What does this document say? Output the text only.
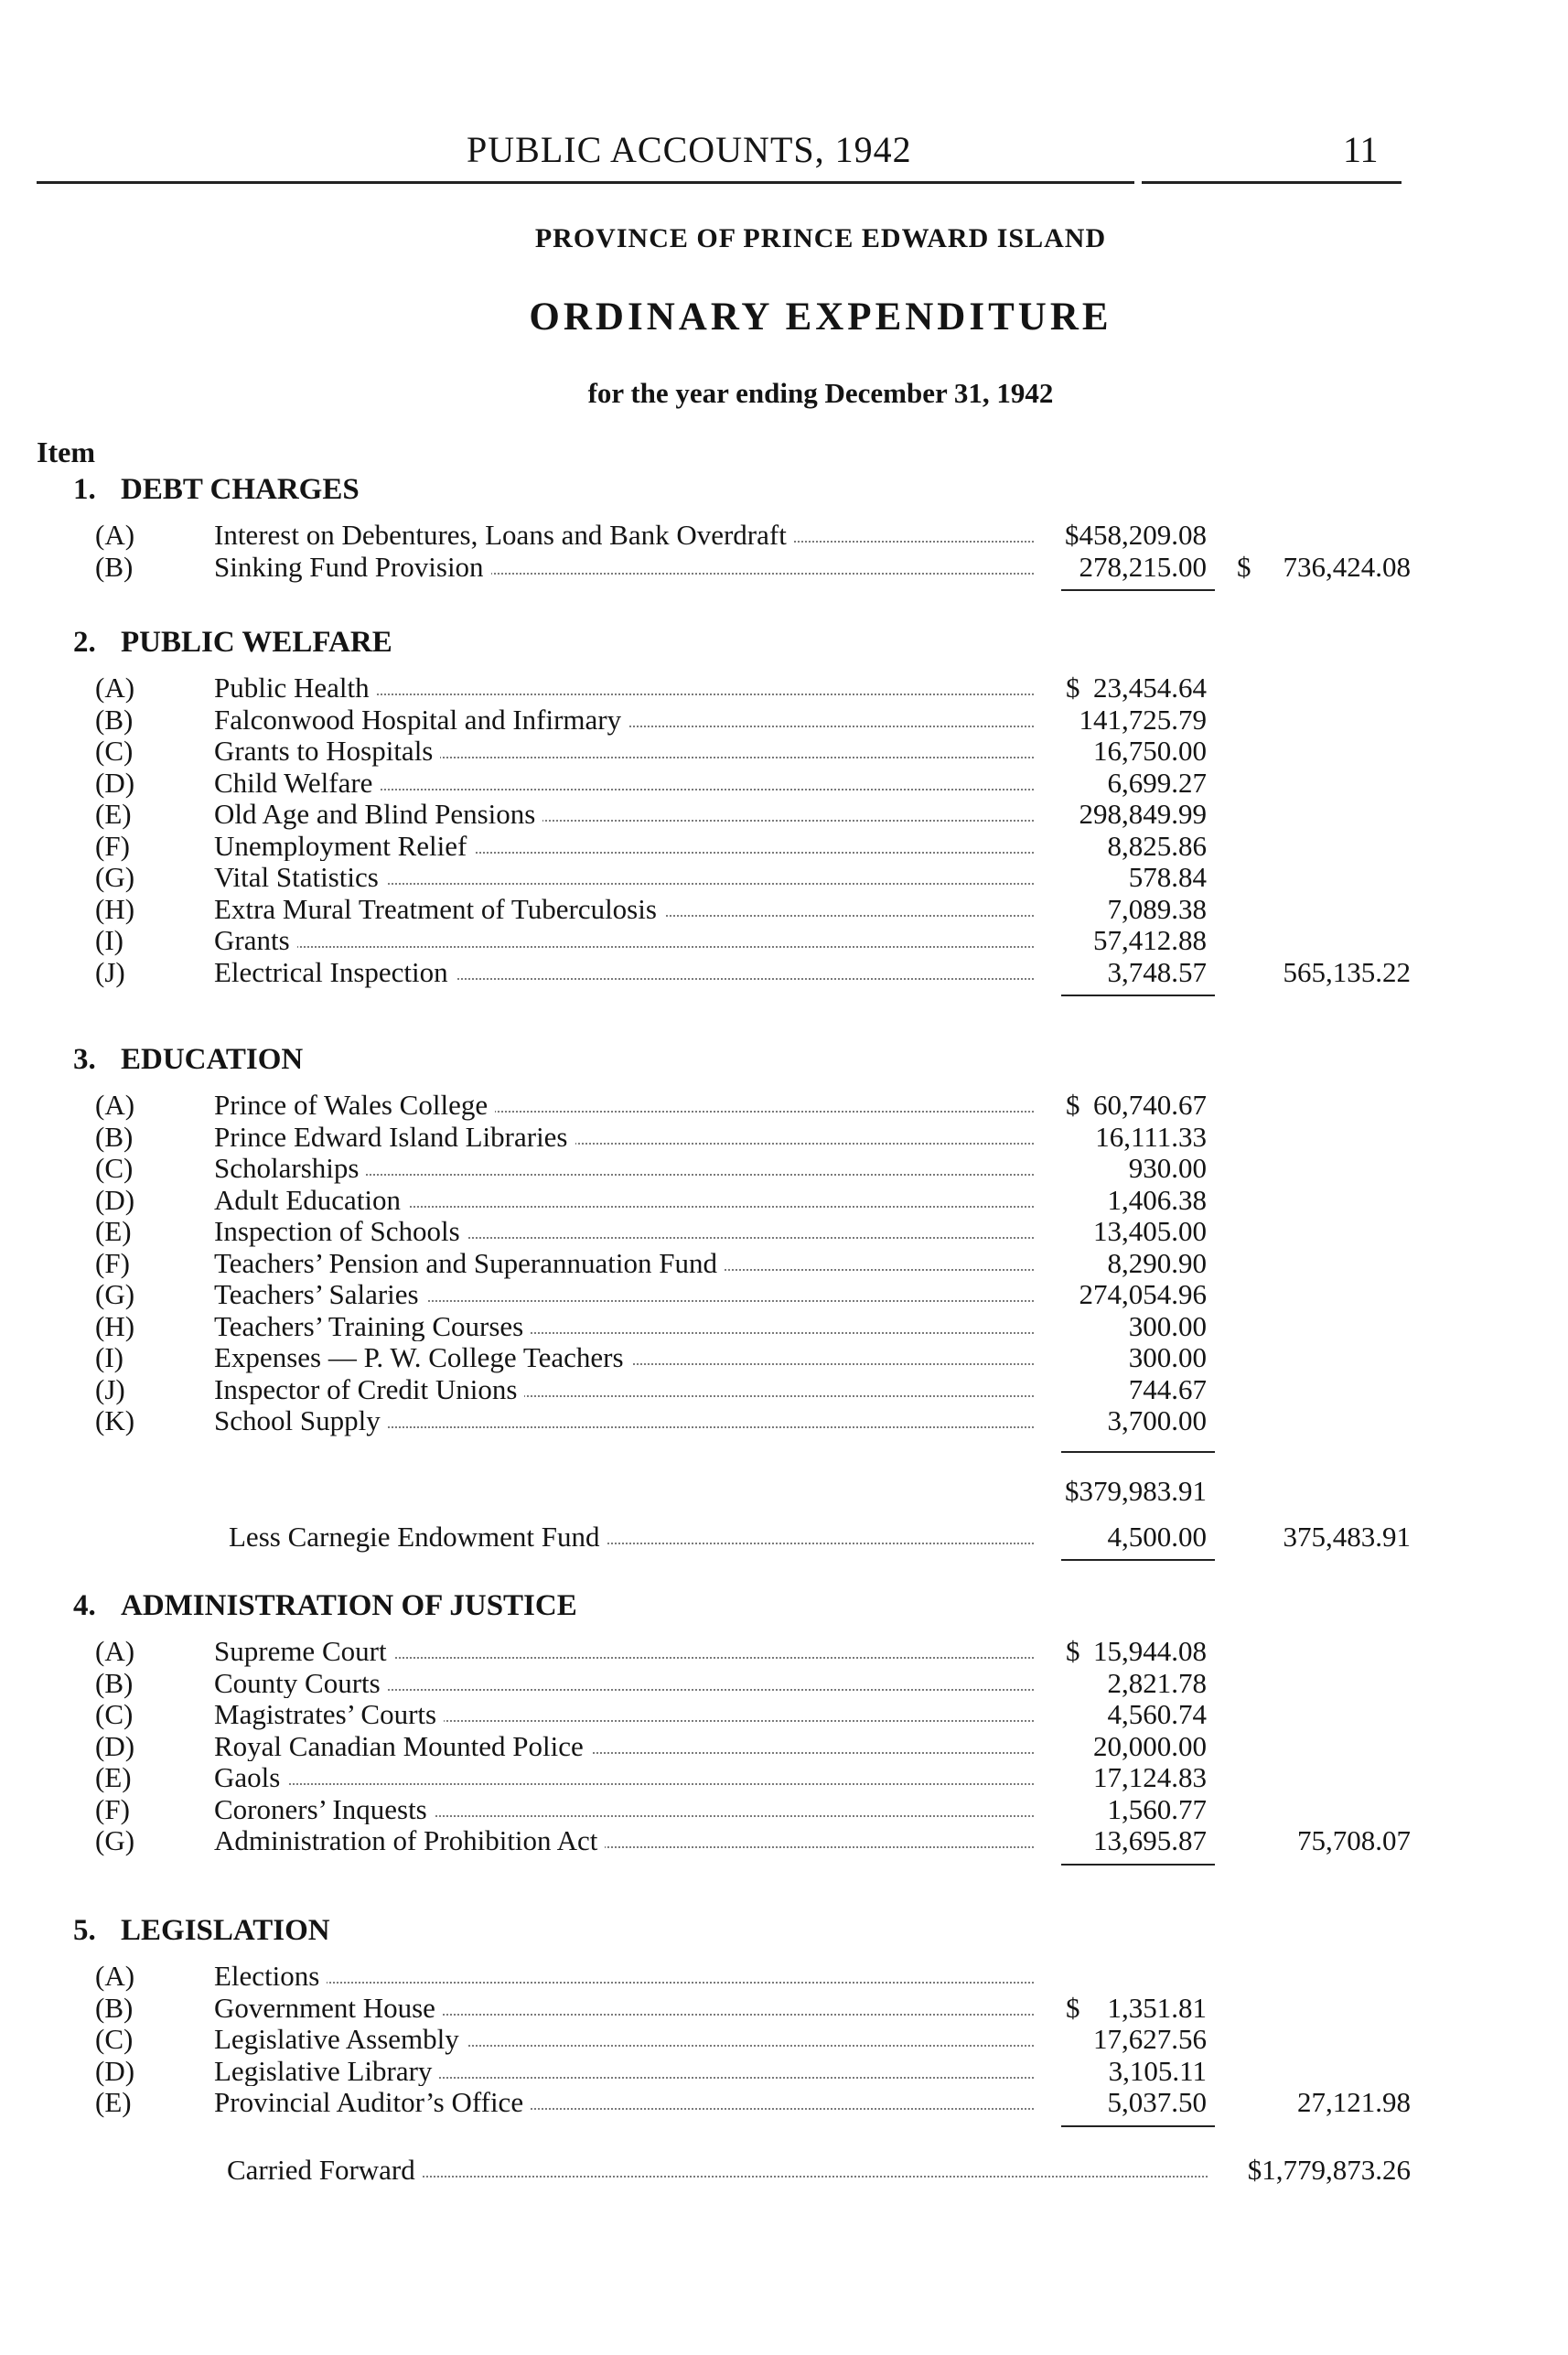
PUBLIC ACCOUNTS, 1942	11
PROVINCE OF PRINCE EDWARD ISLAND
ORDINARY EXPENDITURE
for the year ending December 31, 1942
Item
1. DEBT CHARGES
(A)	Interest on Debentures, Loans and Bank Overdraft	$458,209.08
(B)	Sinking Fund Provision	278,215.00 $ 736,424.08
2. PUBLIC WELFARE
(A)	Public Health	$ 23,454.64
(B)	Falconwood Hospital and Infirmary	141,725.79
(C)	Grants to Hospitals	16,750.00
(D)	Child Welfare	6,699.27
(E)	Old Age and Blind Pensions	298,849.99
(F)	Unemployment Relief	8,825.86
(G)	Vital Statistics	578.84
(H)	Extra Mural Treatment of Tuberculosis	7,089.38
(I)	Grants	57,412.88
(J)	Electrical Inspection	3,748.57	565,135.22
3. EDUCATION
(A)	Prince of Wales College	$ 60,740.67
(B)	Prince Edward Island Libraries	16,111.33
(C)	Scholarships	930.00
(D)	Adult Education	1,406.38
(E)	Inspection of Schools	13,405.00
(F)	Teachers’ Pension and Superannuation Fund	8,290.90
(G)	Teachers’ Salaries	274,054.96
(H)	Teachers’ Training Courses	300.00
(I)	Expenses — P. W. College Teachers	300.00
(J)	Inspector of Credit Unions	744.67
(K)	School Supply	3,700.00
$379,983.91
Less Carnegie Endowment Fund	4,500.00	375,483.91
4. ADMINISTRATION OF JUSTICE
(A)	Supreme Court	$ 15,944.08
(B)	County Courts	2,821.78
(C)	Magistrates’ Courts	4,560.74
(D)	Royal Canadian Mounted Police	20,000.00
(E)	Gaols	17,124.83
(F)	Coroners’ Inquests	1,560.77
(G)	Administration of Prohibition Act	13,695.87	75,708.07
5. LEGISLATION
(A)	Elections
(B)	Government House	$ 1,351.81
(C)	Legislative Assembly	17,627.56
(D)	Legislative Library	3,105.11
(E)	Provincial Auditor’s Office	5,037.50	27,121.98
Carried Forward	$1,779,873.26
